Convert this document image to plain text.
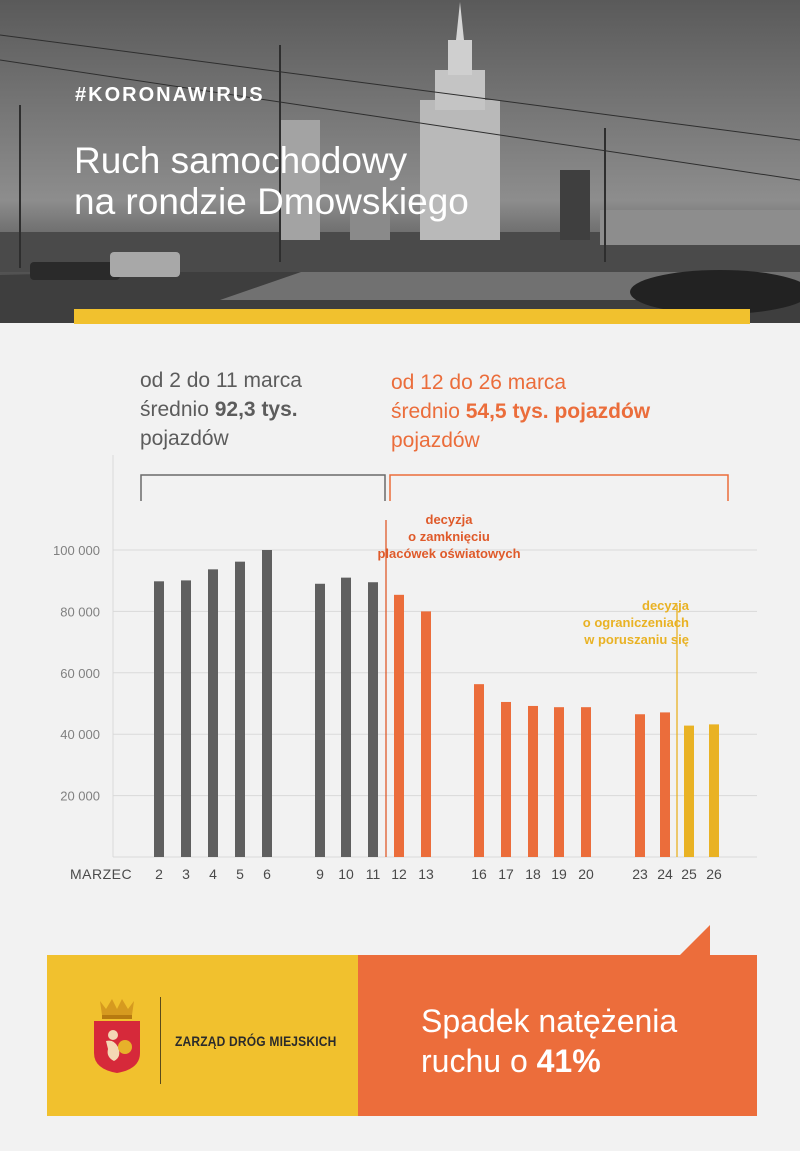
#KORONAWIRUS
Ruch samochodowy
na rondzie Dmowskiego
od 2 do 11 marca
średnio 92,3 tys.
pojazdów
od 12 do 26 marca
średnio 54,5 tys. pojazdów
pojazdów
20 000
40 000
60 000
80 000
100 000
decyzja
o zamknięciu
placówek oświatowych
decyzja
o ograniczeniach
w poruszaniu się
2 3 4 5 6	9 10 11 12 13	16 17 18 19 20	23 24 25 26
MARZEC
ZARZĄD DRÓG MIEJSKICH
Spadek natężenia
ruchu o 41%
